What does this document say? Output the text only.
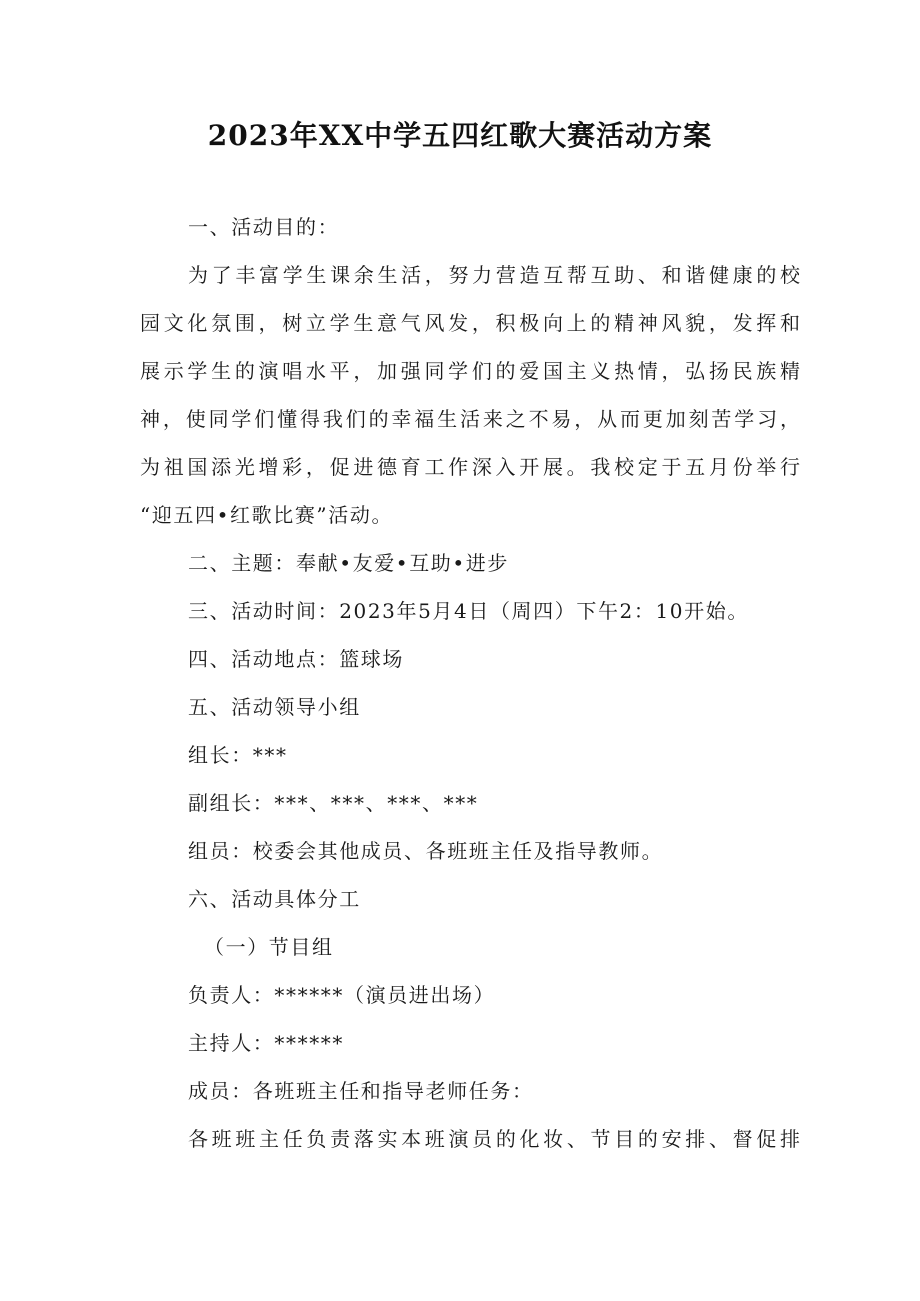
2023年XX中学五四红歌大赛活动方案
一、活动目的：
为了丰富学生课余生活，努力营造互帮互助、和谐健康的校
园文化氛围，树立学生意气风发，积极向上的精神风貌，发挥和
展示学生的演唱水平，加强同学们的爱国主义热情，弘扬民族精
神，使同学们懂得我们的幸福生活来之不易，从而更加刻苦学习，
为祖国添光增彩，促进德育工作深入开展。我校定于五月份举行
“迎五四•红歌比赛”活动。
二、主题：奉献•友爱•互助•进步
三、活动时间：2023年5月4日（周四）下午2：10开始。
四、活动地点：篮球场
五、活动领导小组
组长：***
副组长：***、***、***、***
组员：校委会其他成员、各班班主任及指导教师。
六、活动具体分工
（一）节目组
负责人：******（演员进出场）
主持人：******
成员：各班班主任和指导老师任务：
各班班主任负责落实本班演员的化妆、节目的安排、督促排
